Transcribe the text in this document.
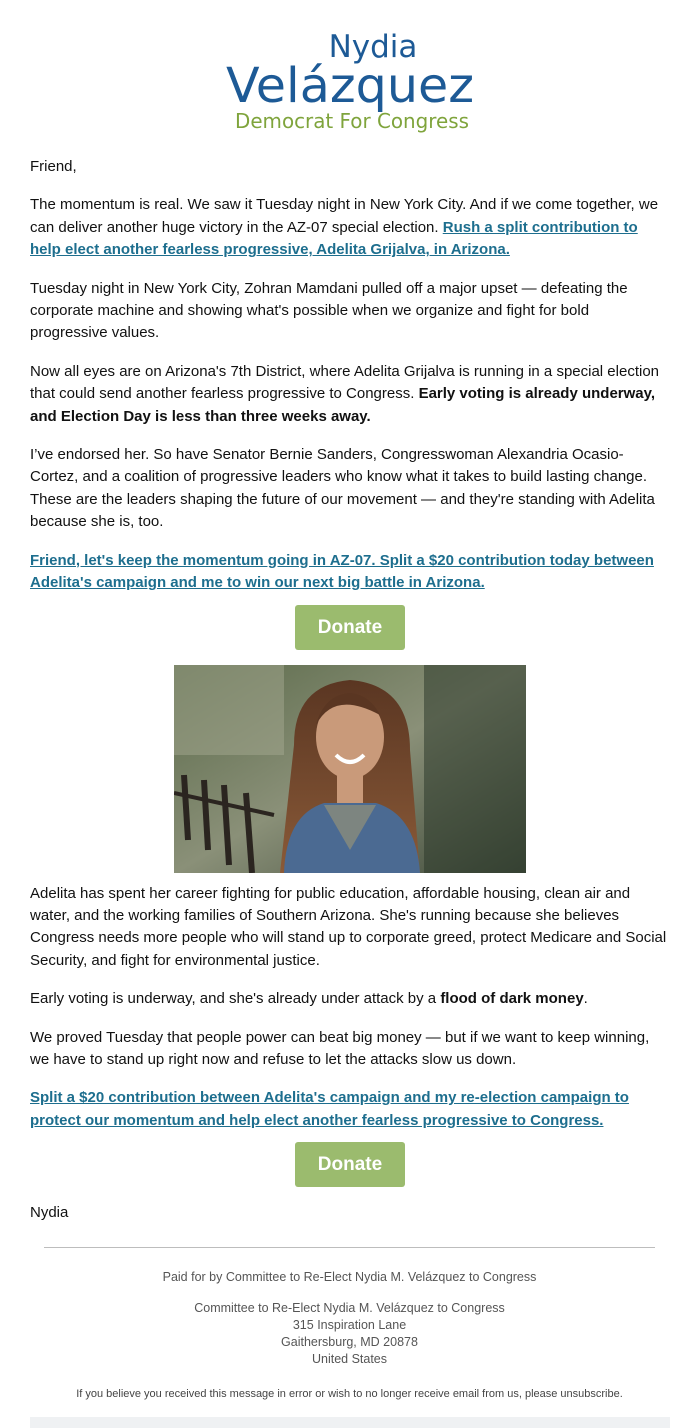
Nydia
Velázquez
Democrat For Congress

Friend,

The momentum is real. We saw it Tuesday night in New York City. And if we come together, we can deliver another huge victory in the AZ-07 special election. Rush a split contribution to help elect another fearless progressive, Adelita Grijalva, in Arizona.

Tuesday night in New York City, Zohran Mamdani pulled off a major upset — defeating the corporate machine and showing what's possible when we organize and fight for bold progressive values.

Now all eyes are on Arizona's 7th District, where Adelita Grijalva is running in a special election that could send another fearless progressive to Congress. Early voting is already underway, and Election Day is less than three weeks away.

I’ve endorsed her. So have Senator Bernie Sanders, Congresswoman Alexandria Ocasio-Cortez, and a coalition of progressive leaders who know what it takes to build lasting change. These are the leaders shaping the future of our movement — and they're standing with Adelita because she is, too.

Friend, let's keep the momentum going in AZ-07. Split a $20 contribution today between Adelita's campaign and me to win our next big battle in Arizona.

Donate

Adelita has spent her career fighting for public education, affordable housing, clean air and water, and the working families of Southern Arizona. She's running because she believes Congress needs more people who will stand up to corporate greed, protect Medicare and Social Security, and fight for environmental justice.

Early voting is underway, and she's already under attack by a flood of dark money.

We proved Tuesday that people power can beat big money — but if we want to keep winning, we have to stand up right now and refuse to let the attacks slow us down.

Split a $20 contribution between Adelita's campaign and my re-election campaign to protect our momentum and help elect another fearless progressive to Congress.

Donate

Nydia

Paid for by Committee to Re-Elect Nydia M. Velázquez to Congress
Committee to Re-Elect Nydia M. Velázquez to Congress
315 Inspiration Lane
Gaithersburg, MD 20878
United States
If you believe you received this message in error or wish to no longer receive email from us, please unsubscribe.
